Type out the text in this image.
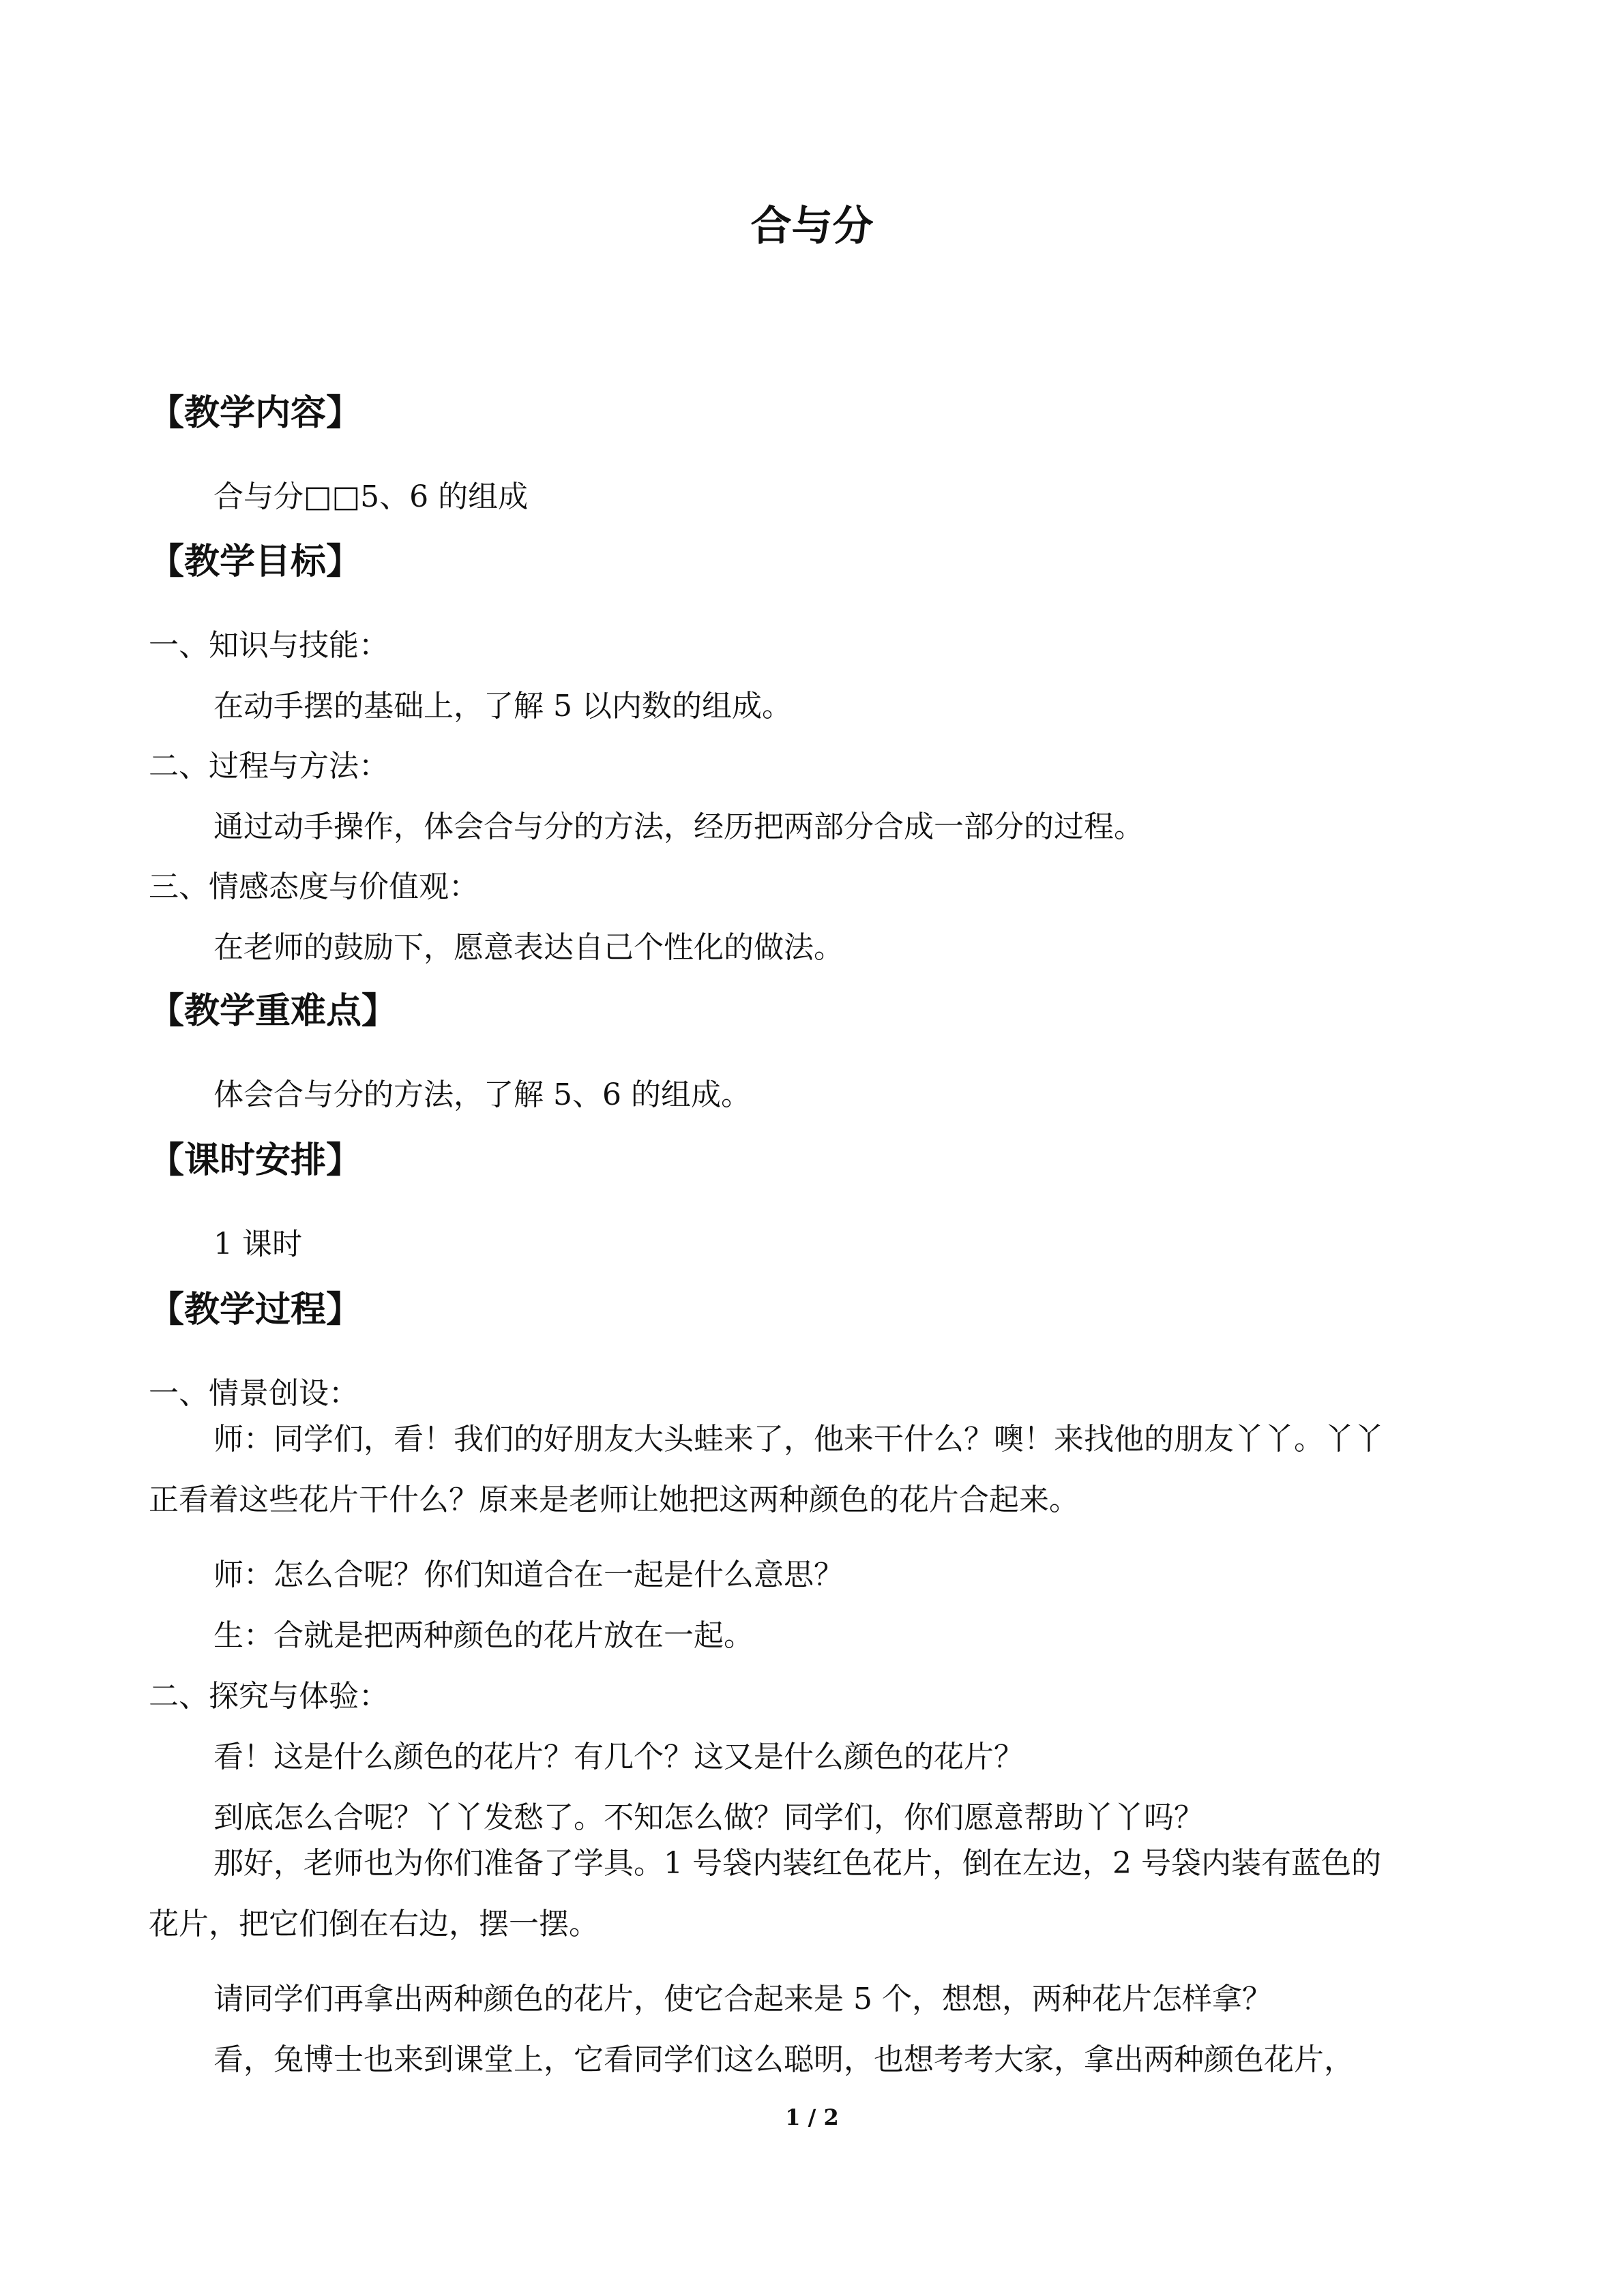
合与分
【教学内容】
合与分□□5、6 的组成
【教学目标】
一、知识与技能：
在动手摆的基础上，了解 5 以内数的组成。
二、过程与方法：
通过动手操作，体会合与分的方法，经历把两部分合成一部分的过程。
三、情感态度与价值观：
在老师的鼓励下，愿意表达自己个性化的做法。
【教学重难点】
体会合与分的方法，了解 5、6 的组成。
【课时安排】
1 课时
【教学过程】
一、情景创设：
师：同学们，看！我们的好朋友大头蛙来了，他来干什么？噢！来找他的朋友丫丫。丫丫正看着这些花片干什么？原来是老师让她把这两种颜色的花片合起来。
师：怎么合呢？你们知道合在一起是什么意思？
生：合就是把两种颜色的花片放在一起。
二、探究与体验：
看！这是什么颜色的花片？有几个？这又是什么颜色的花片？
到底怎么合呢？丫丫发愁了。不知怎么做？同学们，你们愿意帮助丫丫吗？
那好，老师也为你们准备了学具。1 号袋内装红色花片，倒在左边，2 号袋内装有蓝色的花片，把它们倒在右边，摆一摆。
请同学们再拿出两种颜色的花片，使它合起来是 5 个，想想，两种花片怎样拿？
看，兔博士也来到课堂上，它看同学们这么聪明，也想考考大家，拿出两种颜色花片，
1 / 2
